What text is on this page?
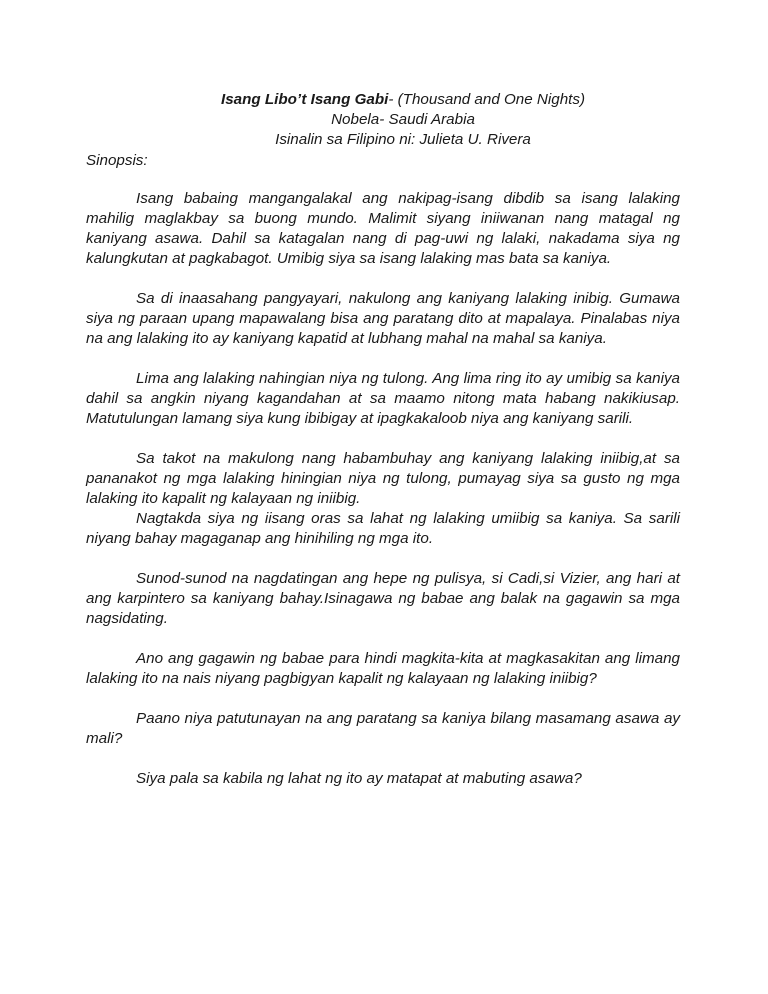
Isang Libo’t Isang Gabi- (Thousand and One Nights)
Nobela- Saudi Arabia
Isinalin sa Filipino ni: Julieta U. Rivera
Sinopsis:

Isang babaing mangangalakal ang nakipag-isang dibdib sa isang lalaking mahilig maglakbay sa buong mundo. Malimit siyang iniiwanan nang matagal ng kaniyang asawa. Dahil sa katagalan nang di pag-uwi ng lalaki, nakadama siya ng kalungkutan at pagkabagot. Umibig siya sa isang lalaking mas bata sa kaniya.

Sa di inaasahang pangyayari, nakulong ang kaniyang lalaking inibig. Gumawa siya ng paraan upang mapawalang bisa ang paratang dito at mapalaya. Pinalabas niya na ang lalaking ito ay kaniyang kapatid at lubhang mahal na mahal sa kaniya.

Lima ang lalaking nahingian niya ng tulong. Ang lima ring ito ay umibig sa kaniya dahil sa angkin niyang kagandahan at sa maamo nitong mata habang nakikiusap. Matutulungan lamang siya kung ibibigay at ipagkakaloob niya ang kaniyang sarili.

Sa takot na makulong nang habambuhay ang kaniyang lalaking iniibig,at sa pananakot ng mga lalaking hiningian niya ng tulong, pumayag siya sa gusto ng mga lalaking ito kapalit ng kalayaan ng iniibig.

Nagtakda siya ng iisang oras sa lahat ng lalaking umiibig sa kaniya. Sa sarili niyang bahay magaganap ang hinihiling ng mga ito.

Sunod-sunod na nagdatingan ang hepe ng pulisya, si Cadi,si Vizier, ang hari at ang karpintero sa kaniyang bahay.Isinagawa ng babae ang balak na gagawin sa mga nagsidating.

Ano ang gagawin ng babae para hindi magkita-kita at magkasakitan ang limang lalaking ito na nais niyang pagbigyan kapalit ng kalayaan ng lalaking iniibig?

Paano niya patutunayan na ang paratang sa kaniya bilang masamang asawa ay mali?

Siya pala sa kabila ng lahat ng ito ay matapat at mabuting asawa?
